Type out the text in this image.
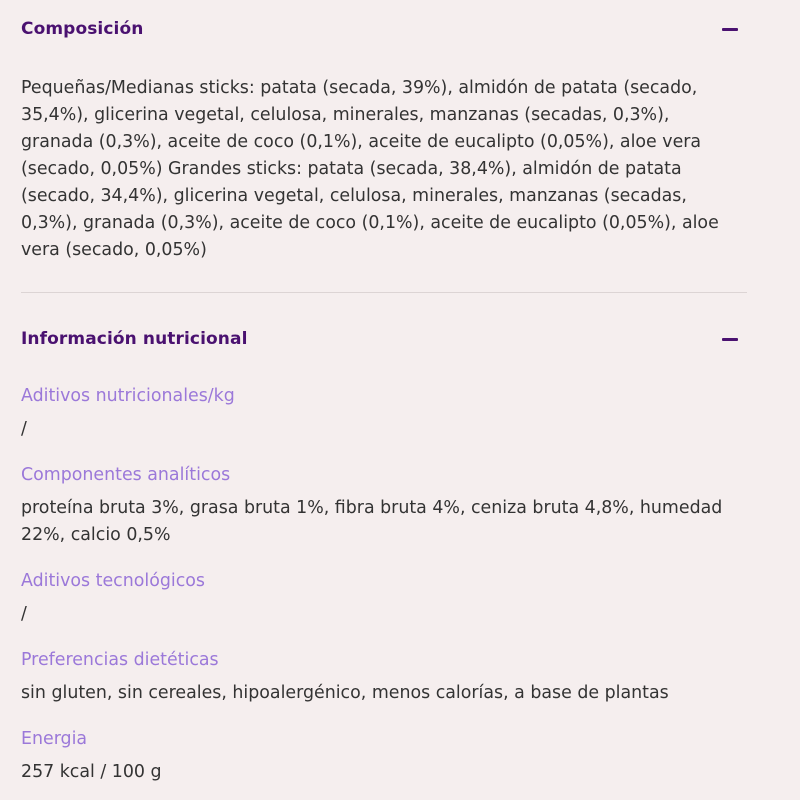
Composición

Pequeñas/Medianas sticks: patata (secada, 39%), almidón de patata (secado, 35,4%), glicerina vegetal, celulosa, minerales, manzanas (secadas, 0,3%), granada (0,3%), aceite de coco (0,1%), aceite de eucalipto (0,05%), aloe vera (secado, 0,05%) Grandes sticks: patata (secada, 38,4%), almidón de patata (secado, 34,4%), glicerina vegetal, celulosa, minerales, manzanas (secadas, 0,3%), granada (0,3%), aceite de coco (0,1%), aceite de eucalipto (0,05%), aloe vera (secado, 0,05%)

Información nutricional

Aditivos nutricionales/kg

/

Componentes analíticos

proteína bruta 3%, grasa bruta 1%, fibra bruta 4%, ceniza bruta 4,8%, humedad 22%, calcio 0,5%

Aditivos tecnológicos

/

Preferencias dietéticas

sin gluten, sin cereales, hipoalergénico, menos calorías, a base de plantas

Energia

257 kcal / 100 g
